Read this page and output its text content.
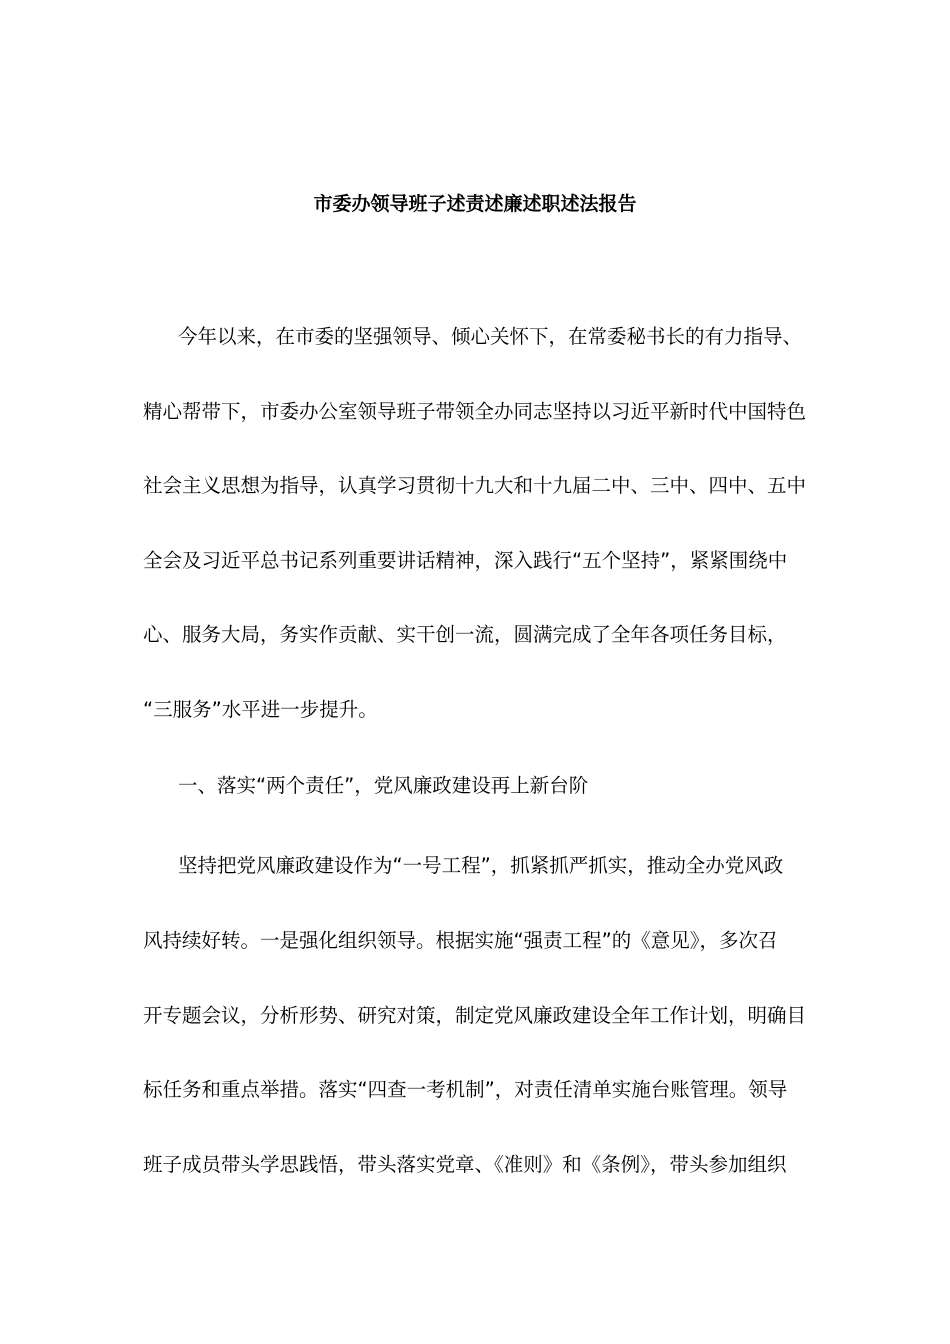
市委办领导班子述责述廉述职述法报告
今年以来，在市委的坚强领导、倾心关怀下，在常委秘书长的有力指导、
精心帮带下，市委办公室领导班子带领全办同志坚持以习近平新时代中国特色
社会主义思想为指导，认真学习贯彻十九大和十九届二中、三中、四中、五中
全会及习近平总书记系列重要讲话精神，深入践行“五个坚持”，紧紧围绕中
心、服务大局，务实作贡献、实干创一流，圆满完成了全年各项任务目标，
“三服务”水平进一步提升。
一、落实“两个责任”，党风廉政建设再上新台阶
坚持把党风廉政建设作为“一号工程”，抓紧抓严抓实，推动全办党风政
风持续好转。一是强化组织领导。根据实施“强责工程”的《意见》，多次召
开专题会议，分析形势、研究对策，制定党风廉政建设全年工作计划，明确目
标任务和重点举措。落实“四查一考机制”，对责任清单实施台账管理。领导
班子成员带头学思践悟，带头落实党章、《准则》和《条例》，带头参加组织
